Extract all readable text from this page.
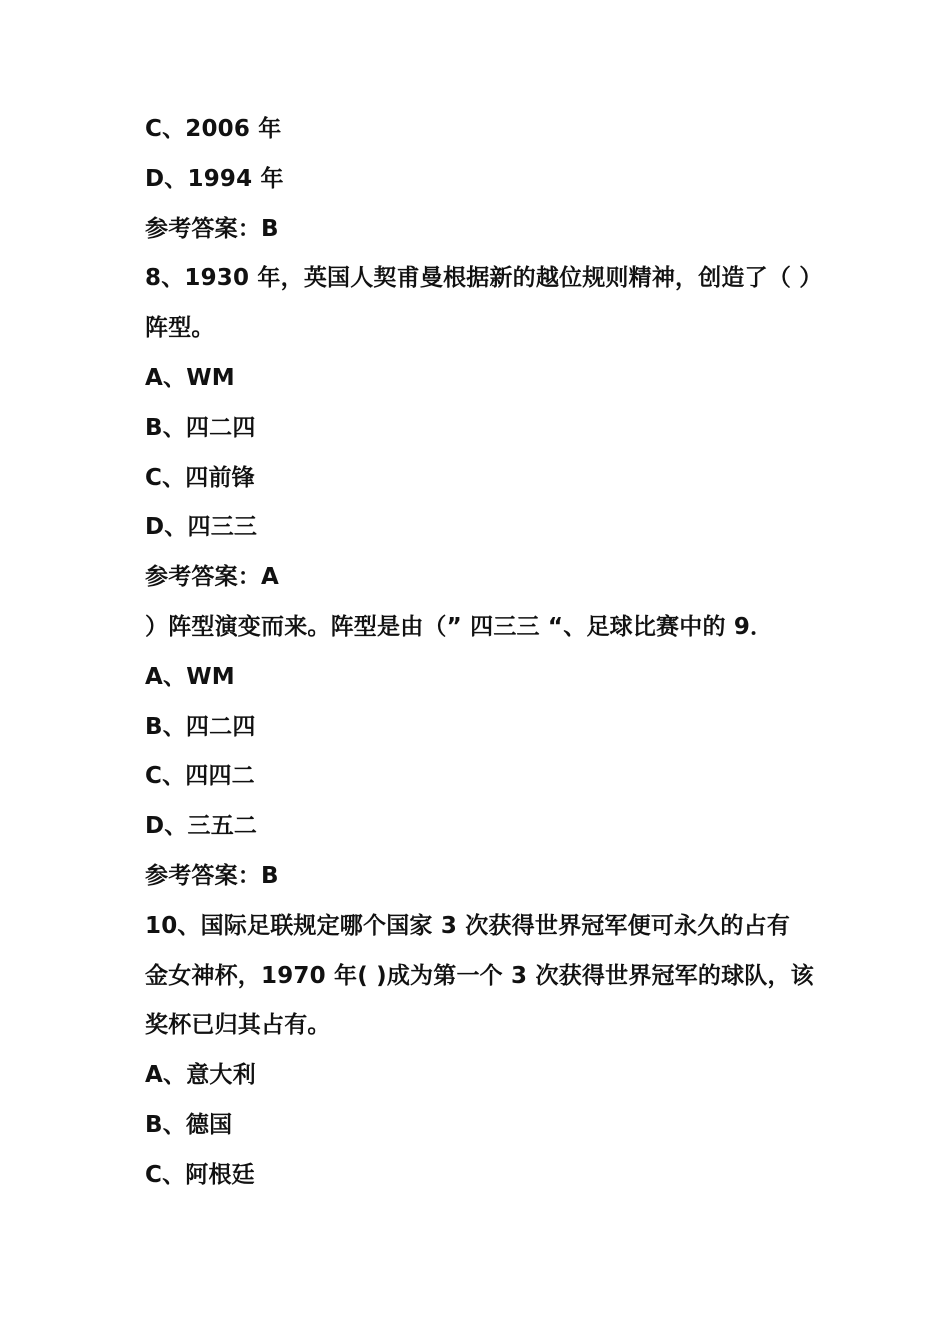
C、2006 年
D、1994 年
参考答案：B
8、1930 年，英国人契甫曼根据新的越位规则精神，创造了（ ）
阵型。
A、WM
B、四二四
C、四前锋
D、四三三
参考答案：A
）阵型演变而来。阵型是由（” 四三三 “、足球比赛中的 9．
A、WM
B、四二四
C、四四二
D、三五二
参考答案：B
10、国际足联规定哪个国家 3 次获得世界冠军便可永久的占有
金女神杯，1970 年( )成为第一个 3 次获得世界冠军的球队，该
奖杯已归其占有。
A、意大利
B、德国
C、阿根廷
